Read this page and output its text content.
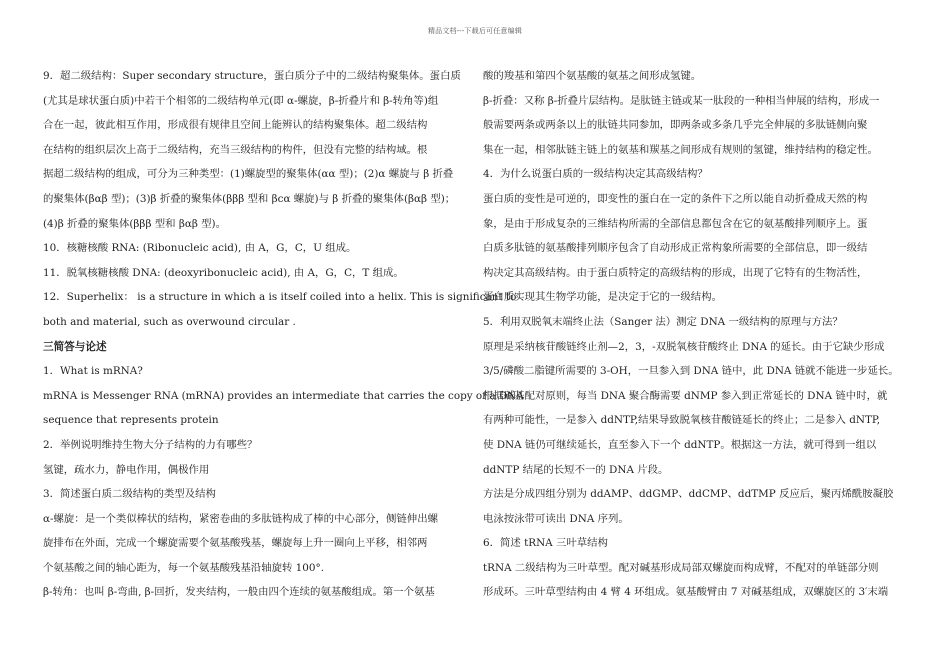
精品文档---下载后可任意编辑
9．超二级结构：Super secondary structure，蛋白质分子中的二级结构聚集体。蛋白质
(尤其是球状蛋白质)中若干个相邻的二级结构单元(即 α-螺旋，β-折叠片和 β-转角等)组
合在一起，彼此相互作用，形成很有规律且空间上能辨认的结构聚集体。超二级结构
在结构的组织层次上高于二级结构，充当三级结构的构件，但没有完整的结构域。根
据超二级结构的组成，可分为三种类型：(1)螺旋型的聚集体(αα 型)；(2)α 螺旋与 β 折叠
的聚集体(βαβ 型)；(3)β 折叠的聚集体(βββ 型和 βcα 螺旋)与 β 折叠的聚集体(βαβ 型)；
(4)β 折叠的聚集体(βββ 型和 βαβ 型)。
10．核糖核酸 RNA: (Ribonucleic acid), 由 A，G，C，U 组成。
11．脱氧核糖核酸 DNA: (deoxyribonucleic acid), 由 A，G，C，T 组成。
12．Superhelix： is a structure in which a is itself coiled into a helix. This is significant to
both and material, such as overwound circular .
三简答与论述
1．What is mRNA?
mRNA is Messenger RNA (mRNA) provides an intermediate that carries the copy of a DNA
sequence that represents protein
2．举例说明维持生物大分子结构的力有哪些？
氢键，疏水力，静电作用，偶极作用
3．简述蛋白质二级结构的类型及结构
α-螺旋：是一个类似棒状的结构，紧密卷曲的多肽链构成了棒的中心部分，侧链伸出螺
旋排布在外面，完成一个螺旋需要个氨基酸残基，螺旋每上升一圈向上平移，相邻两
个氨基酸之间的轴心距为，每一个氨基酸残基沿轴旋转 100°.
β-转角：也叫 β-弯曲, β-回折，发夹结构，一般由四个连续的氨基酸组成。第一个氨基
酸的羧基和第四个氨基酸的氨基之间形成氢键。
β-折叠：又称 β-折叠片层结构。是肽链主链或某一肽段的一种相当伸展的结构，形成一
般需要两条或两条以上的肽链共同参加，即两条或多条几乎完全伸展的多肽链侧向聚
集在一起，相邻肽链主链上的氨基和羰基之间形成有规则的氢键，维持结构的稳定性。
4．为什么说蛋白质的一级结构决定其高级结构？
蛋白质的变性是可逆的，即变性的蛋白在一定的条件下之所以能自动折叠成天然的构
象，是由于形成复杂的三维结构所需的全部信息都包含在它的氨基酸排列顺序上。蛋
白质多肽链的氨基酸排列顺序包含了自动形成正常构象所需要的全部信息，即一级结
构决定其高级结构。由于蛋白质特定的高级结构的形成，出现了它特有的生物活性，
蛋白质实现其生物学功能，是决定于它的一级结构。
5．利用双脱氧末端终止法（Sanger 法）测定 DNA 一级结构的原理与方法？
原理是采纳核苷酸链终止剂—2，3，-双脱氧核苷酸终止 DNA 的延长。由于它缺少形成
3/5/磷酸二脂键所需要的 3-OH，一旦参入到 DNA 链中，此 DNA 链就不能进一步延长。
根据碱基配对原则，每当 DNA 聚合酶需要 dNMP 参入到正常延长的 DNA 链中时，就
有两种可能性，一是参入 ddNTP,结果导致脱氧核苷酸链延长的终止；二是参入 dNTP,
使 DNA 链仍可继续延长，直至参入下一个 ddNTP。根据这一方法，就可得到一组以
ddNTP 结尾的长短不一的 DNA 片段。
方法是分成四组分别为 ddAMP、ddGMP、ddCMP、ddTMP 反应后，聚丙烯酰胺凝胶
电泳按泳带可读出 DNA 序列。
6．简述 tRNA 三叶草结构
tRNA 二级结构为三叶草型。配对碱基形成局部双螺旋而构成臂，不配对的单链部分则
形成环。三叶草型结构由 4 臂 4 环组成。氨基酸臂由 7 对碱基组成，双螺旋区的 3′末端
